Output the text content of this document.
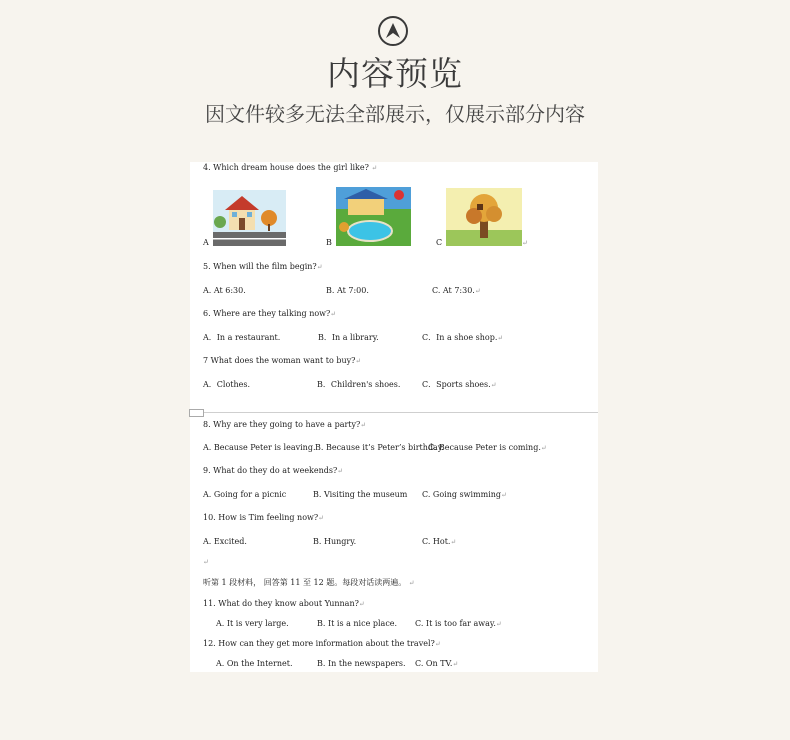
内容预览
因文件较多无法全部展示，仅展示部分内容
4. Which dream house does the girl like? ↵
A	B	C	↵
5. When will the film begin?↵
A. At 6:30.	B. At 7:00.	C. At 7:30.↵
6. Where are they talking now?↵
A．In a restaurant.	B．In a library.	C．In a shoe shop.↵
7 What does the woman want to buy?↵
A．Clothes.	B．Children's shoes.	C．Sports shoes.↵
8. Why are they going to have a party?↵
A. Because Peter is leaving. B. Because it’s Peter’s birthday.
C. Because Peter is coming.↵
9. What do they do at weekends?↵
A. Going for a picnic	B. Visiting the museum C. Going swimming↵
10. How is Tim feeling now?↵
A. Excited.	B. Hungry.	C. Hot.↵
↵
听第 1 段材料， 回答第 11 至 12 题。每段对话读两遍。 ↵
11. What do they know about Yunnan?↵
A. It is very large.	B. It is a nice place. C. It is too far away.↵
12. How can they get more information about the travel?↵
A. On the Internet.	B. In the newspapers. C. On TV.↵
